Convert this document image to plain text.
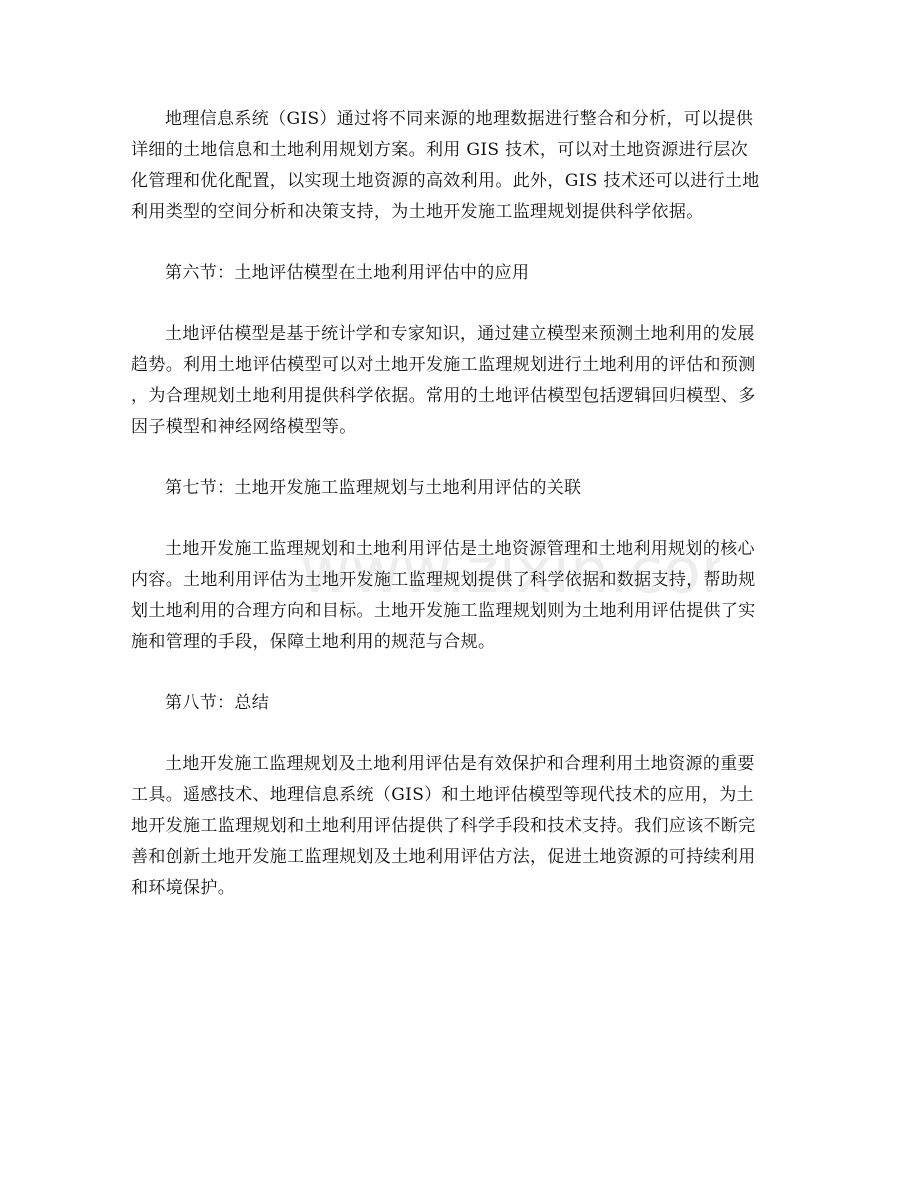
www.zixin.co
地理信息系统（GIS）通过将不同来源的地理数据进行整合和分析，可以提供
详细的土地信息和土地利用规划方案。利用 GIS 技术，可以对土地资源进行层次
化管理和优化配置，以实现土地资源的高效利用。此外，GIS 技术还可以进行土地
利用类型的空间分析和决策支持，为土地开发施工监理规划提供科学依据。
第六节：土地评估模型在土地利用评估中的应用
土地评估模型是基于统计学和专家知识，通过建立模型来预测土地利用的发展
趋势。利用土地评估模型可以对土地开发施工监理规划进行土地利用的评估和预测
，为合理规划土地利用提供科学依据。常用的土地评估模型包括逻辑回归模型、多
因子模型和神经网络模型等。
第七节：土地开发施工监理规划与土地利用评估的关联
土地开发施工监理规划和土地利用评估是土地资源管理和土地利用规划的核心
内容。土地利用评估为土地开发施工监理规划提供了科学依据和数据支持，帮助规
划土地利用的合理方向和目标。土地开发施工监理规划则为土地利用评估提供了实
施和管理的手段，保障土地利用的规范与合规。
第八节：总结
土地开发施工监理规划及土地利用评估是有效保护和合理利用土地资源的重要
工具。遥感技术、地理信息系统（GIS）和土地评估模型等现代技术的应用，为土
地开发施工监理规划和土地利用评估提供了科学手段和技术支持。我们应该不断完
善和创新土地开发施工监理规划及土地利用评估方法，促进土地资源的可持续利用
和环境保护。
